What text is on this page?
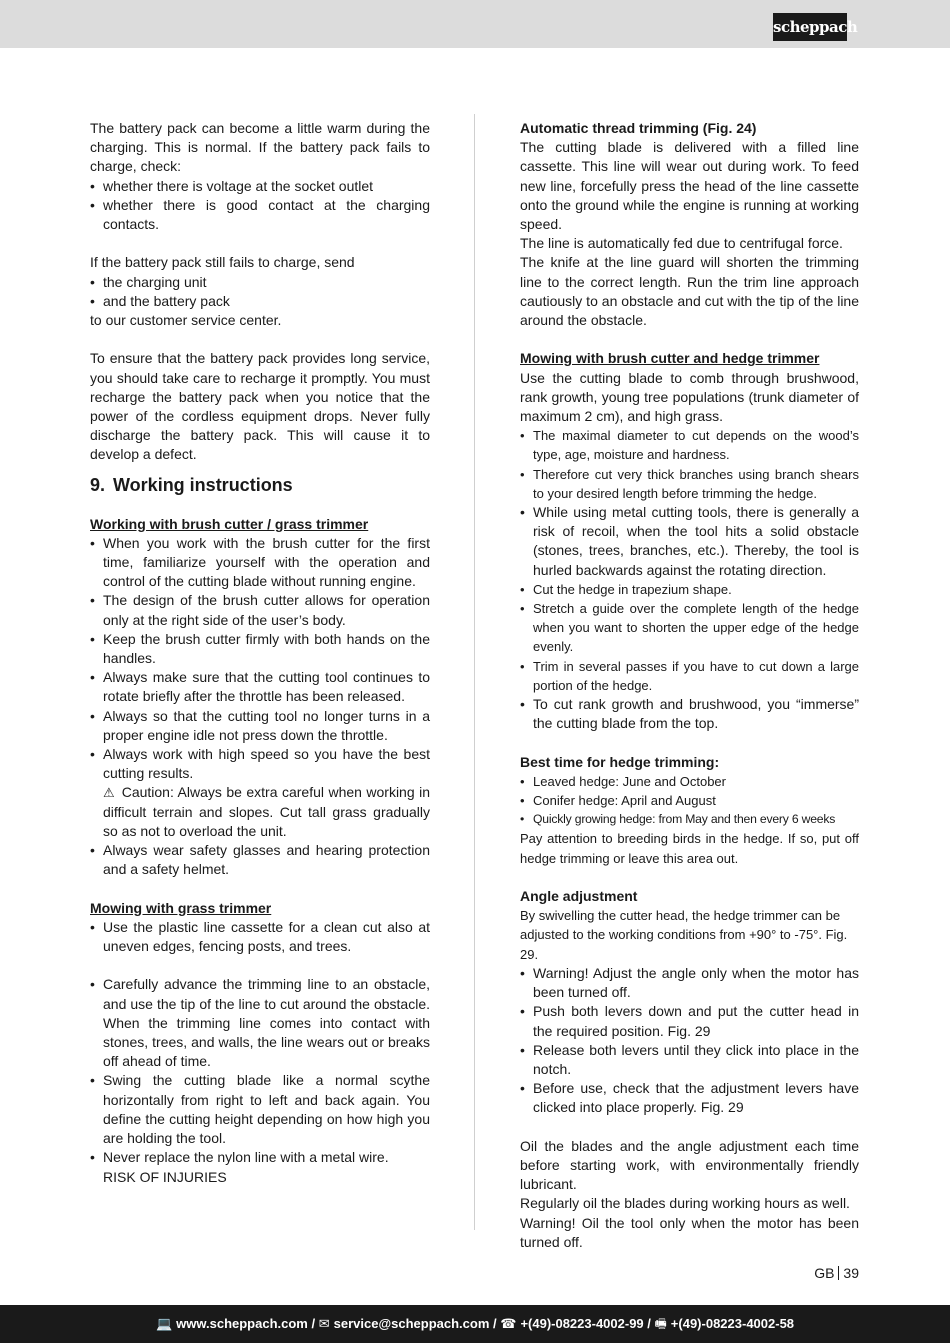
scheppach

The battery pack can become a little warm during the charging. This is normal. If the battery pack fails to charge, check:

• whether there is voltage at the socket outlet
• whether there is good contact at the charging contacts.

If the battery pack still fails to charge, send

• the charging unit
• and the battery pack

to our customer service center.

To ensure that the battery pack provides long service, you should take care to recharge it promptly. You must recharge the battery pack when you notice that the power of the cordless equipment drops. Never fully discharge the battery pack. This will cause it to develop a defect.

9. Working instructions

Working with brush cutter / grass trimmer

• When you work with the brush cutter for the first time, familiarize yourself with the operation and control of the cutting blade without running engine.
• The design of the brush cutter allows for operation only at the right side of the user’s body.
• Keep the brush cutter firmly with both hands on the handles.
• Always make sure that the cutting tool continues to rotate briefly after the throttle has been released.
• Always so that the cutting tool no longer turns in a proper engine idle not press down the throttle.
• Always work with high speed so you have the best cutting results.

⚠ Caution: Always be extra careful when working in difficult terrain and slopes. Cut tall grass gradually so as not to overload the unit.

• Always wear safety glasses and hearing protection and a safety helmet.

Mowing with grass trimmer

• Use the plastic line cassette for a clean cut also at uneven edges, fencing posts, and trees.
• Carefully advance the trimming line to an obstacle, and use the tip of the line to cut around the obstacle. When the trimming line comes into contact with stones, trees, and walls, the line wears out or breaks off ahead of time.
• Swing the cutting blade like a normal scythe horizontally from right to left and back again. You define the cutting height depending on how high you are holding the tool.
• Never replace the nylon line with a metal wire.

RISK OF INJURIES

Automatic thread trimming (Fig. 24)

The cutting blade is delivered with a filled line cassette. This line will wear out during work. To feed new line, forcefully press the head of the line cassette onto the ground while the engine is running at working speed.

The line is automatically fed due to centrifugal force.

The knife at the line guard will shorten the trimming line to the correct length. Run the trim line approach cautiously to an obstacle and cut with the tip of the line around the obstacle.

Mowing with brush cutter and hedge trimmer

Use the cutting blade to comb through brushwood, rank growth, young tree populations (trunk diameter of maximum 2 cm), and high grass.

• The maximal diameter to cut depends on the wood’s type, age, moisture and hardness.
• Therefore cut very thick branches using branch shears to your desired length before trimming the hedge.
• While using metal cutting tools, there is generally a risk of recoil, when the tool hits a solid obstacle (stones, trees, branches, etc.). Thereby, the tool is hurled backwards against the rotating direction.
• Cut the hedge in trapezium shape.
• Stretch a guide over the complete length of the hedge when you want to shorten the upper edge of the hedge evenly.
• Trim in several passes if you have to cut down a large portion of the hedge.
• To cut rank growth and brushwood, you “immerse” the cutting blade from the top.

Best time for hedge trimming:

• Leaved hedge: June and October
• Conifer hedge: April and August
• Quickly growing hedge: from May and then every 6 weeks

Pay attention to breeding birds in the hedge. If so, put off hedge trimming or leave this area out.

Angle adjustment

By swivelling the cutter head, the hedge trimmer can be adjusted to the working conditions from +90° to -75°. Fig. 29.

• Warning! Adjust the angle only when the motor has been turned off.
• Push both levers down and put the cutter head in the required position. Fig. 29
• Release both levers until they click into place in the notch.
• Before use, check that the adjustment levers have clicked into place properly. Fig. 29

Oil the blades and the angle adjustment each time before starting work, with environmentally friendly lubricant.

Regularly oil the blades during working hours as well.

Warning! Oil the tool only when the motor has been turned off.

GB 39
💻 www.scheppach.com / ✉ service@scheppach.com / ☎ +(49)-08223-4002-99 / 🖷 +(49)-08223-4002-58
